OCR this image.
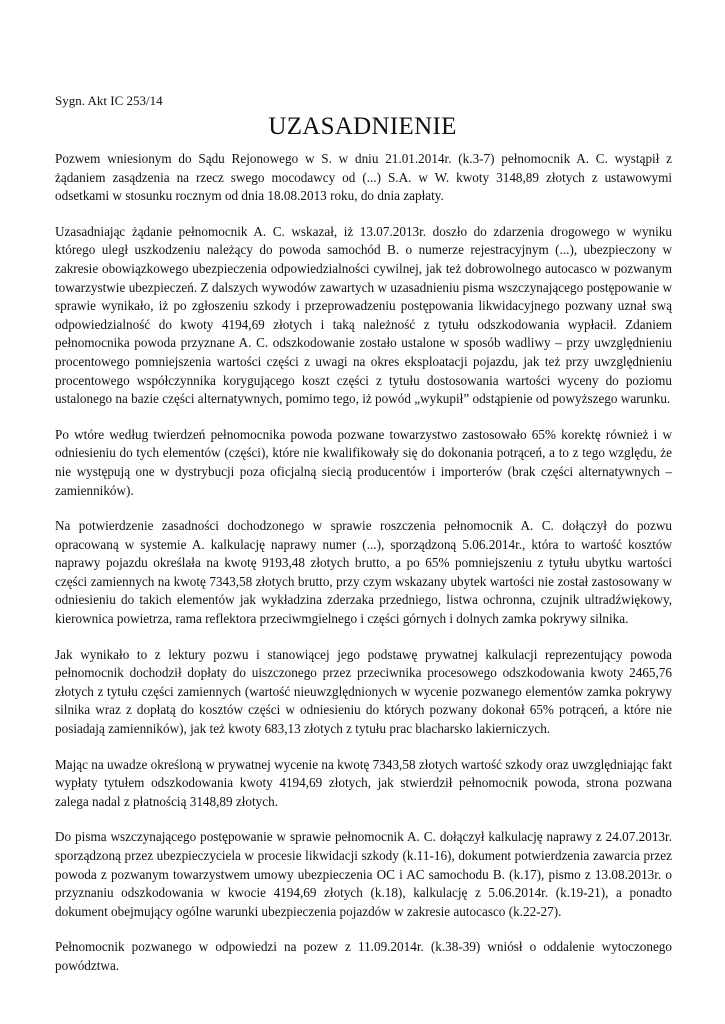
Sygn. Akt IC 253/14
UZASADNIENIE

Pozwem wniesionym do Sądu Rejonowego w S. w dniu 21.01.2014r. (k.3-7) pełnomocnik A. C. wystąpił z żądaniem zasądzenia na rzecz swego mocodawcy od (...) S.A. w W. kwoty 3148,89 złotych z ustawowymi odsetkami w stosunku rocznym od dnia 18.08.2013 roku, do dnia zapłaty.

Uzasadniając żądanie pełnomocnik A. C. wskazał, iż 13.07.2013r. doszło do zdarzenia drogowego w wyniku którego uległ uszkodzeniu należący do powoda samochód B. o numerze rejestracyjnym (...), ubezpieczony w zakresie obowiązkowego ubezpieczenia odpowiedzialności cywilnej, jak też dobrowolnego autocasco w pozwanym towarzystwie ubezpieczeń. Z dalszych wywodów zawartych w uzasadnieniu pisma wszczynającego postępowanie w sprawie wynikało, iż po zgłoszeniu szkody i przeprowadzeniu postępowania likwidacyjnego pozwany uznał swą odpowiedzialność do kwoty 4194,69 złotych i taką należność z tytułu odszkodowania wypłacił. Zdaniem pełnomocnika powoda przyznane A. C. odszkodowanie zostało ustalone w sposób wadliwy – przy uwzględnieniu procentowego pomniejszenia wartości części z uwagi na okres eksploatacji pojazdu, jak też przy uwzględnieniu procentowego współczynnika korygującego koszt części z tytułu dostosowania wartości wyceny do poziomu ustalonego na bazie części alternatywnych, pomimo tego, iż powód „wykupił” odstąpienie od powyższego warunku.

Po wtóre według twierdzeń pełnomocnika powoda pozwane towarzystwo zastosowało 65% korektę również i w odniesieniu do tych elementów (części), które nie kwalifikowały się do dokonania potrąceń, a to z tego względu, że nie występują one w dystrybucji poza oficjalną siecią producentów i importerów (brak części alternatywnych – zamienników).

Na potwierdzenie zasadności dochodzonego w sprawie roszczenia pełnomocnik A. C. dołączył do pozwu opracowaną w systemie A. kalkulację naprawy numer (...), sporządzoną 5.06.2014r., która to wartość kosztów naprawy pojazdu określała na kwotę 9193,48 złotych brutto, a po 65% pomniejszeniu z tytułu ubytku wartości części zamiennych na kwotę 7343,58 złotych brutto, przy czym wskazany ubytek wartości nie został zastosowany w odniesieniu do takich elementów jak wykładzina zderzaka przedniego, listwa ochronna, czujnik ultradźwiękowy, kierownica powietrza, rama reflektora przeciwmgielnego i części górnych i dolnych zamka pokrywy silnika.

Jak wynikało to z lektury pozwu i stanowiącej jego podstawę prywatnej kalkulacji reprezentujący powoda pełnomocnik dochodził dopłaty do uiszczonego przez przeciwnika procesowego odszkodowania kwoty 2465,76 złotych z tytułu części zamiennych (wartość nieuwzględnionych w wycenie pozwanego elementów zamka pokrywy silnika wraz z dopłatą do kosztów części w odniesieniu do których pozwany dokonał 65% potrąceń, a które nie posiadają zamienników), jak też kwoty 683,13 złotych z tytułu prac blacharsko lakierniczych.

Mając na uwadze określoną w prywatnej wycenie na kwotę 7343,58 złotych wartość szkody oraz uwzględniając fakt wypłaty tytułem odszkodowania kwoty 4194,69 złotych, jak stwierdził pełnomocnik powoda, strona pozwana zalega nadal z płatnością 3148,89 złotych.

Do pisma wszczynającego postępowanie w sprawie pełnomocnik A. C. dołączył kalkulację naprawy z 24.07.2013r. sporządzoną przez ubezpieczyciela w procesie likwidacji szkody (k.11-16), dokument potwierdzenia zawarcia przez powoda z pozwanym towarzystwem umowy ubezpieczenia OC i AC samochodu B. (k.17), pismo z 13.08.2013r. o przyznaniu odszkodowania w kwocie 4194,69 złotych (k.18), kalkulację z 5.06.2014r. (k.19-21), a ponadto dokument obejmujący ogólne warunki ubezpieczenia pojazdów w zakresie autocasco (k.22-27).

Pełnomocnik pozwanego w odpowiedzi na pozew z 11.09.2014r. (k.38-39) wniósł o oddalenie wytoczonego powództwa.
